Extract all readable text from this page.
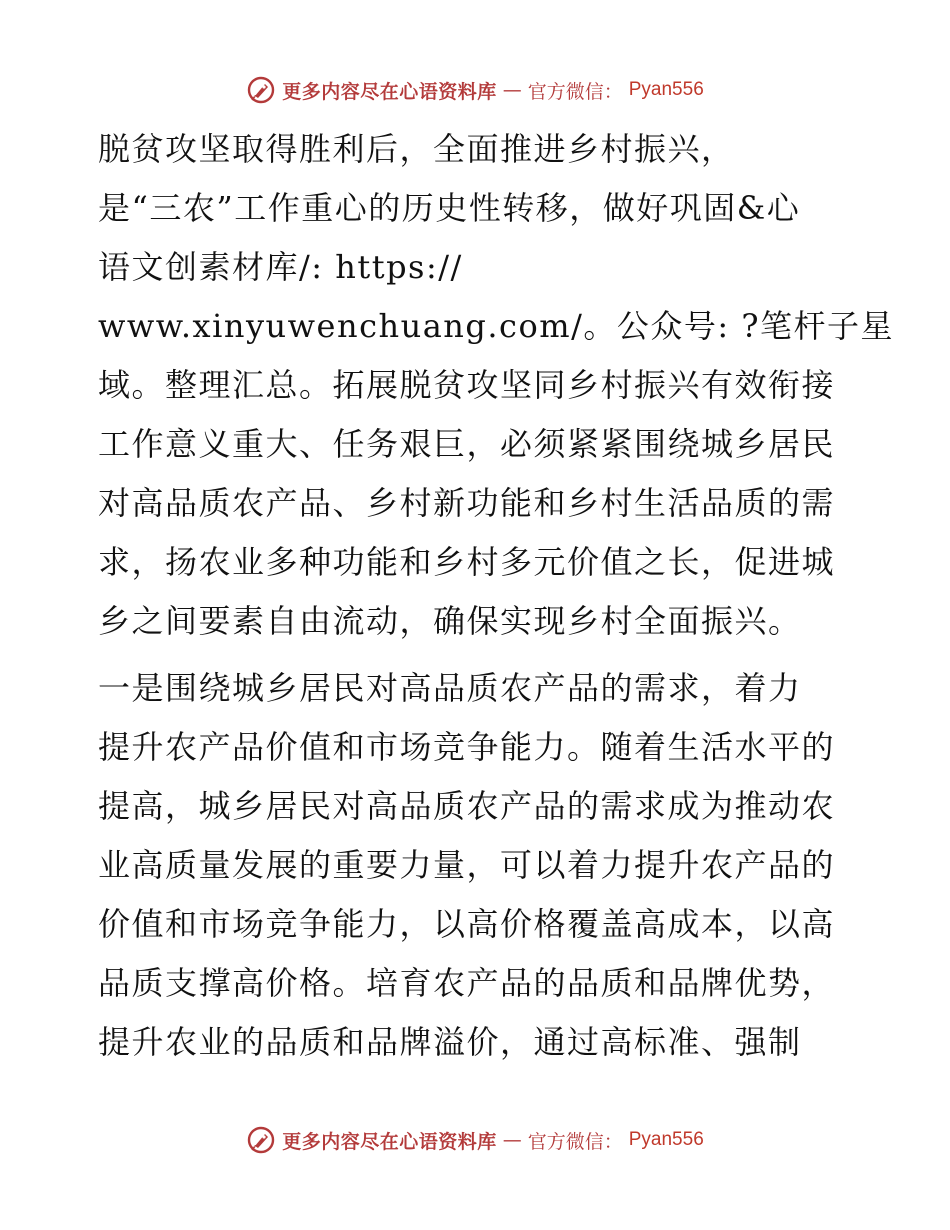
更多内容尽在心语资料库 — 官方微信： Pyan556

脱贫攻坚取得胜利后，全面推进乡村振兴，
是“三农”工作重心的历史性转移，做好巩固&心
语文创素材库/: https://
www.xinyuwenchuang.com/。公众号: ?笔杆子星
域。整理汇总。拓展脱贫攻坚同乡村振兴有效衔接
工作意义重大、任务艰巨，必须紧紧围绕城乡居民
对高品质农产品、乡村新功能和乡村生活品质的需
求，扬农业多种功能和乡村多元价值之长，促进城
乡之间要素自由流动，确保实现乡村全面振兴。

一是围绕城乡居民对高品质农产品的需求，着力
提升农产品价值和市场竞争能力。随着生活水平的
提高，城乡居民对高品质农产品的需求成为推动农
业高质量发展的重要力量，可以着力提升农产品的
价值和市场竞争能力，以高价格覆盖高成本，以高
品质支撑高价格。培育农产品的品质和品牌优势，
提升农业的品质和品牌溢价，通过高标准、强制

更多内容尽在心语资料库 — 官方微信： Pyan556
